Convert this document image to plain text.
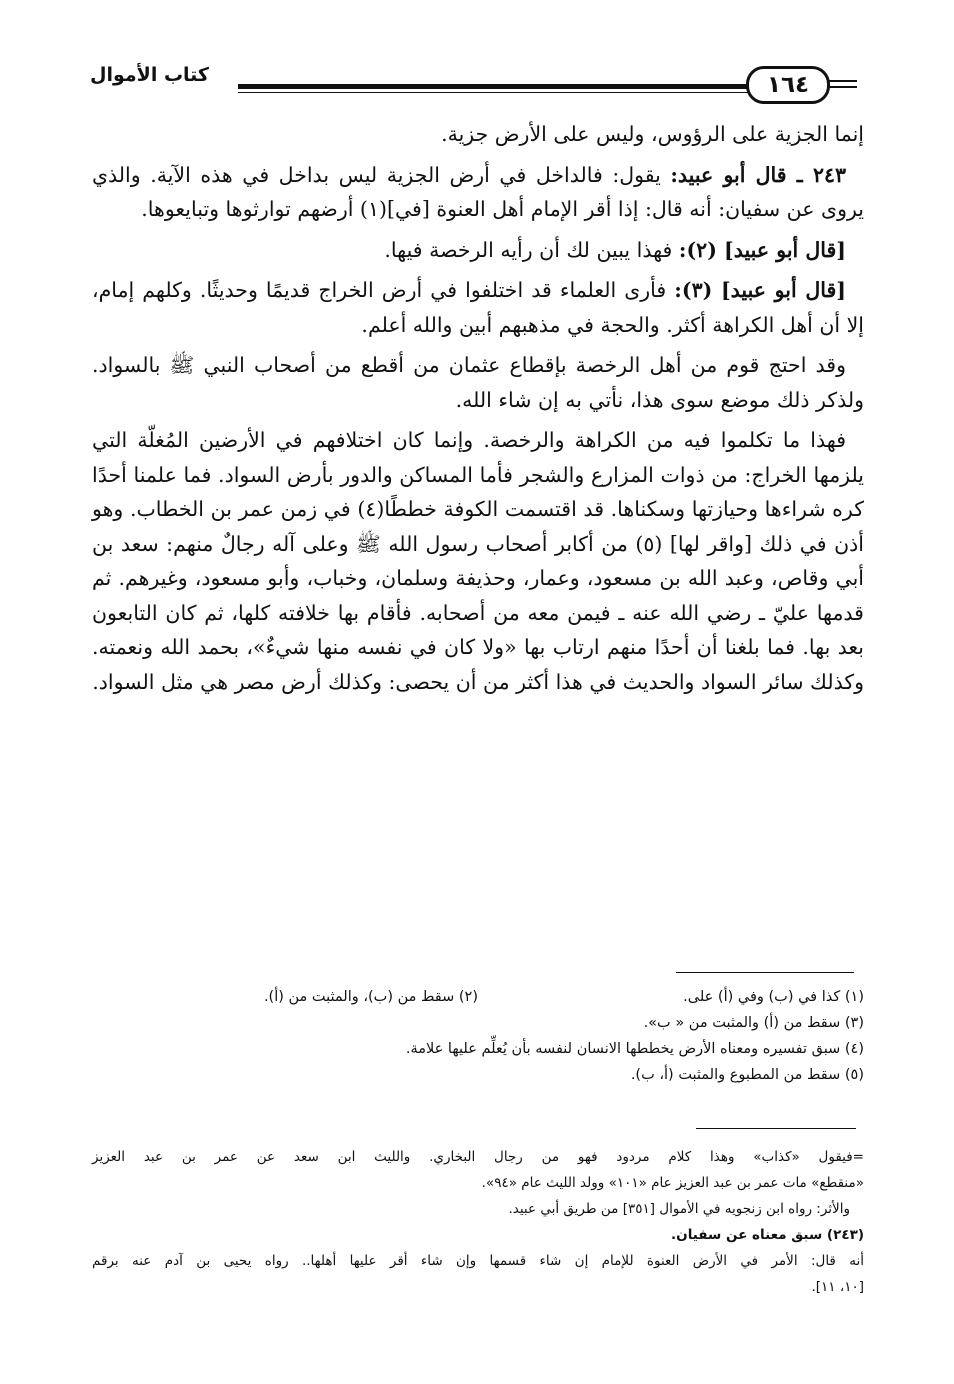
كتاب الأموال	١٦٤

إنما الجزية على الرؤوس، وليس على الأرض جزية.

٢٤٣ ـ قال أبو عبيد: يقول: فالداخل في أرض الجزية ليس بداخل في هذه الآية. والذي يروى عن سفيان: أنه قال: إذا أقر الإمام أهل العنوة [في](١) أرضهم توارثوها وتبايعوها.

[قال أبو عبيد] (٢): فهذا يبين لك أن رأيه الرخصة فيها.

[قال أبو عبيد] (٣): فأرى العلماء قد اختلفوا في أرض الخراج قديمًا وحديثًا. وكلهم إمام، إلا أن أهل الكراهة أكثر. والحجة في مذهبهم أبين والله أعلم.

وقد احتج قوم من أهل الرخصة بإقطاع عثمان من أقطع من أصحاب النبي ﷺ بالسواد. ولذكر ذلك موضع سوى هذا، نأتي به إن شاء الله.

فهذا ما تكلموا فيه من الكراهة والرخصة. وإنما كان اختلافهم في الأرضين المُغلّة التي يلزمها الخراج: من ذوات المزارع والشجر فأما المساكن والدور بأرض السواد. فما علمنا أحدًا كره شراءها وحيازتها وسكناها. قد اقتسمت الكوفة خططًا(٤) في زمن عمر بن الخطاب. وهو أذن في ذلك [واقر لها] (٥) من أكابر أصحاب رسول الله ﷺ وعلى آله رجالٌ منهم: سعد بن أبي وقاص، وعبد الله بن مسعود، وعمار، وحذيفة وسلمان، وخباب، وأبو مسعود، وغيرهم. ثم قدمها عليّ ـ رضي الله عنه ـ فيمن معه من أصحابه. فأقام بها خلافته كلها، ثم كان التابعون بعد بها. فما بلغنا أن أحدًا منهم ارتاب بها «ولا كان في نفسه منها شيءٌ»، بحمد الله ونعمته. وكذلك سائر السواد والحديث في هذا أكثر من أن يحصى: وكذلك أرض مصر هي مثل السواد.

(١) كذا في (ب) وفي (أ) على.
(٢) سقط من (ب)، والمثبت من (أ).
(٣) سقط من (أ) والمثبت من « ب».
(٤) سبق تفسيره ومعناه الأرض يخططها الانسان لنفسه بأن يُعلِّم عليها علامة.
(٥) سقط من المطبوع والمثبت (أ، ب).

=فيقول «كذاب» وهذا كلام مردود فهو من رجال البخاري. والليث ابن سعد عن عمر بن عبد العزيز

«منقطع» مات عمر بن عبد العزيز عام «١٠١» وولد الليث عام «٩٤».

والأثر: رواه ابن زنجويه في الأموال [٣٥١] من طريق أبي عبيد.

(٢٤٣) سبق معناه عن سفيان.

أنه قال: الأمر في الأرض العنوة للإمام إن شاء قسمها وإن شاء أقر عليها أهلها.. رواه يحيى بن آدم عنه برقم

[١٠، ١١].
